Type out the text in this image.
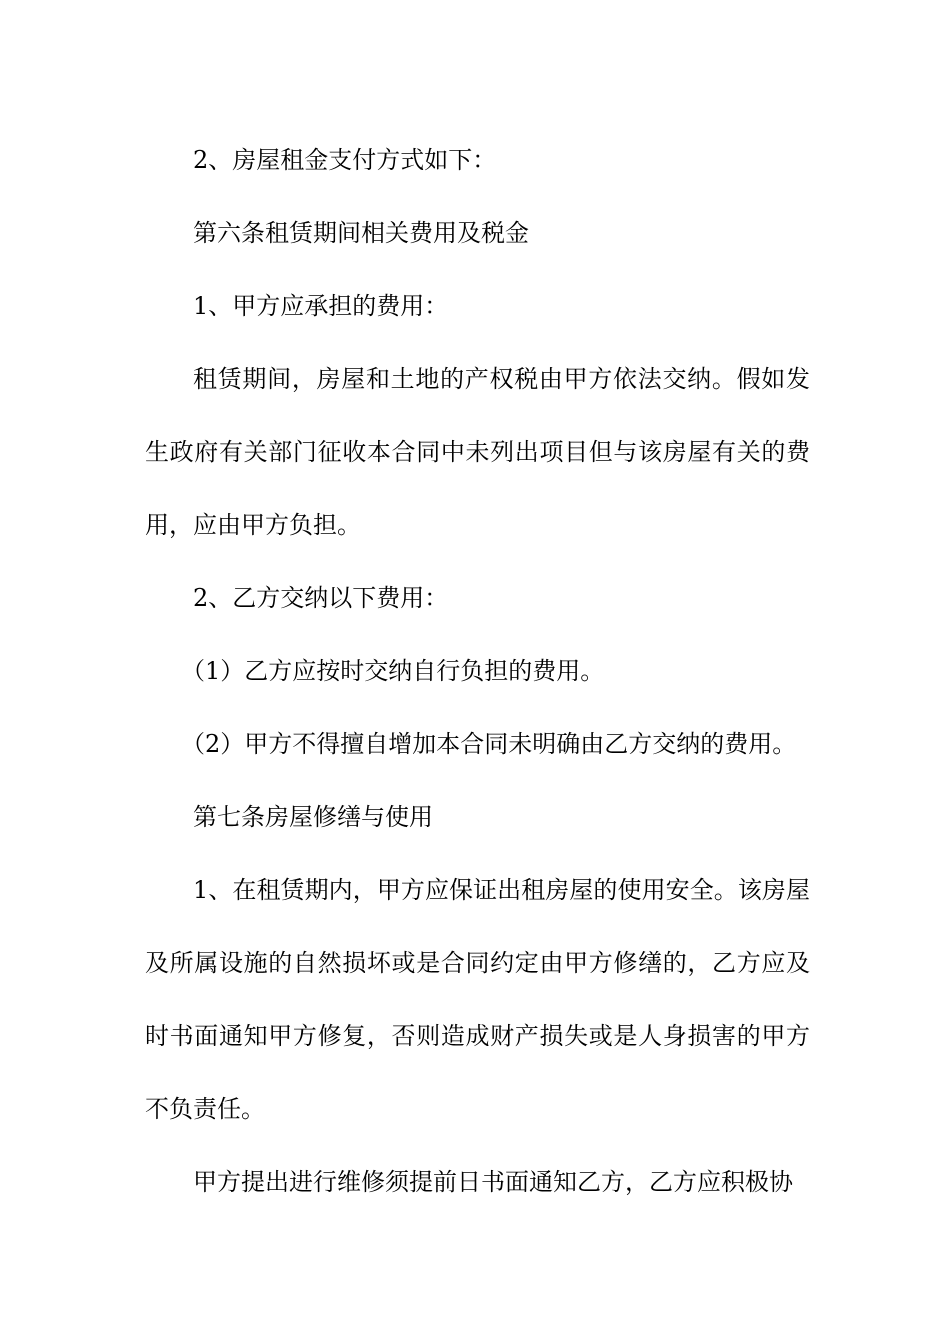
2、房屋租金支付方式如下：

第六条租赁期间相关费用及税金

1、甲方应承担的费用：

租赁期间，房屋和土地的产权税由甲方依法交纳。假如发生政府有关部门征收本合同中未列出项目但与该房屋有关的费用，应由甲方负担。

2、乙方交纳以下费用：

（1）乙方应按时交纳自行负担的费用。

（2）甲方不得擅自增加本合同未明确由乙方交纳的费用。

第七条房屋修缮与使用

1、在租赁期内，甲方应保证出租房屋的使用安全。该房屋及所属设施的自然损坏或是合同约定由甲方修缮的，乙方应及时书面通知甲方修复，否则造成财产损失或是人身损害的甲方不负责任。

甲方提出进行维修须提前日书面通知乙方，乙方应积极协
